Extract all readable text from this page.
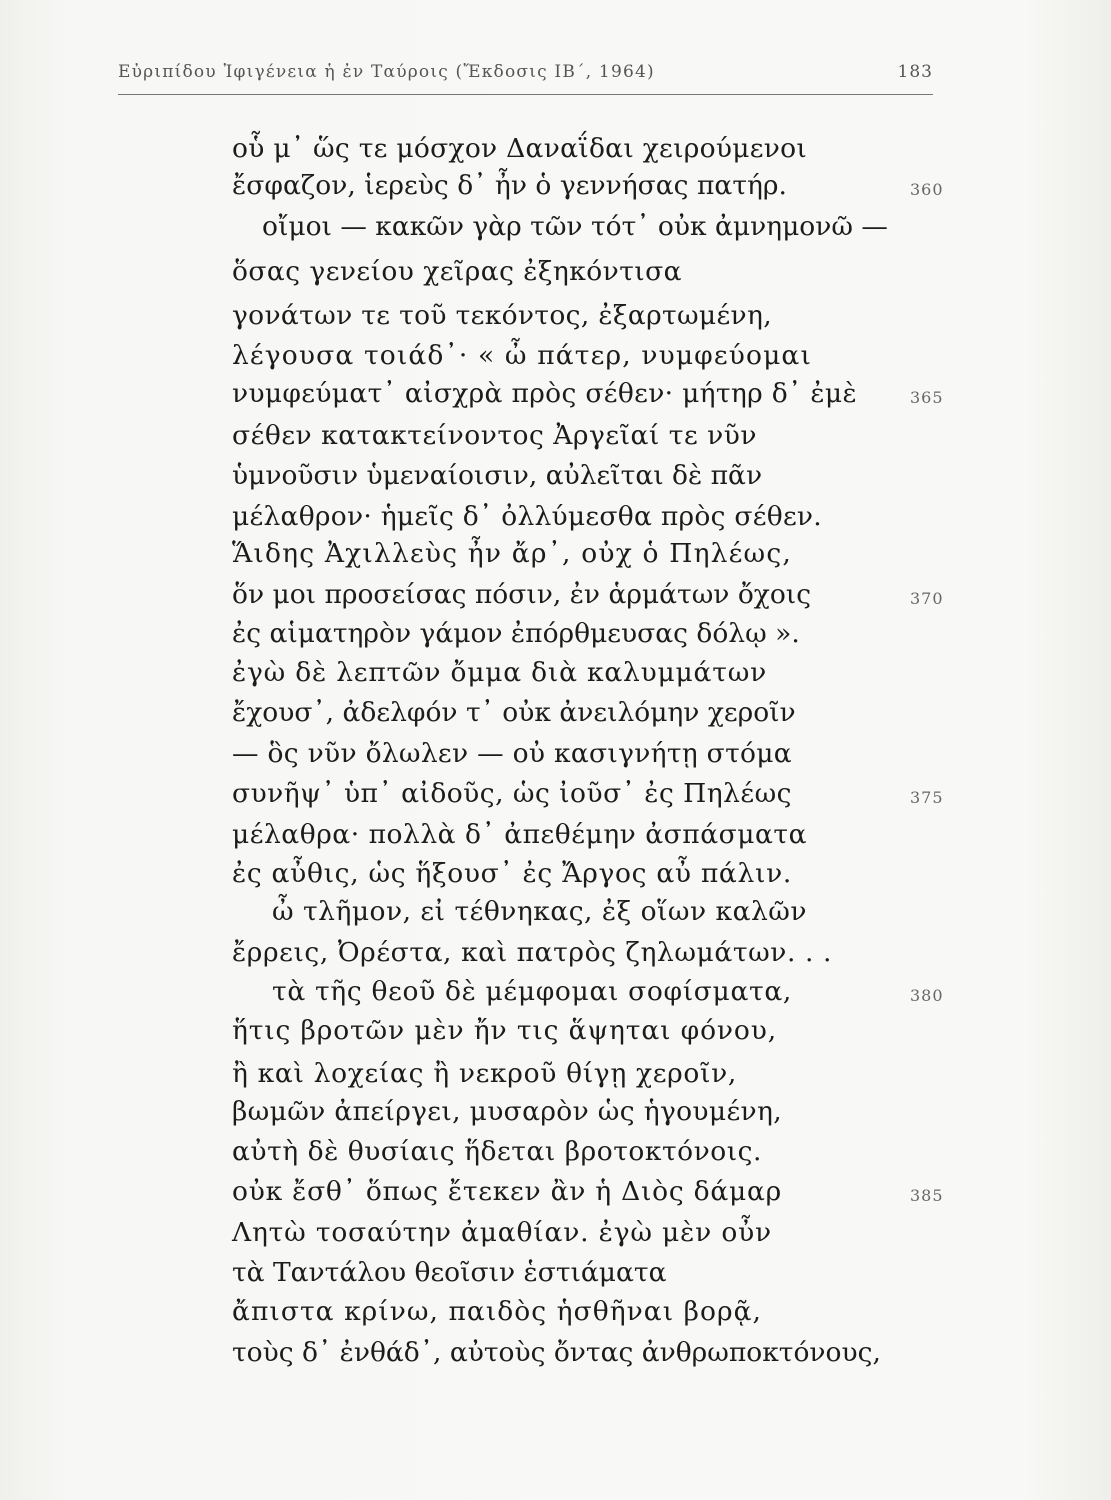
Εὐριπίδου Ἰφιγένεια ἡ ἐν Ταύροις (Ἔκδοσις ΙΒ΄, 1964)	183
οὗ μ᾽ ὥς τε μόσχον Δαναΐδαι χειρούμενοι
ἔσφαζον, ἱερεὺς δ᾽ ἦν ὁ γεννήσας πατήρ.	360
οἴμοι — κακῶν γὰρ τῶν τότ᾽ οὐκ ἀμνημονῶ —
ὅσας γενείου χεῖρας ἐξηκόντισα
γονάτων τε τοῦ τεκόντος, ἐξαρτωμένη,
λέγουσα τοιάδ᾽· « ὦ πάτερ, νυμφεύομαι
νυμφεύματ᾽ αἰσχρὰ πρὸς σέθεν· μήτηρ δ᾽ ἐμὲ	365
σέθεν κατακτείνοντος Ἀργεῖαί τε νῦν
ὑμνοῦσιν ὑμεναίοισιν, αὐλεῖται δὲ πᾶν
μέλαθρον· ἡμεῖς δ᾽ ὀλλύμεσθα πρὸς σέθεν.
Ἅιδης Ἀχιλλεὺς ἦν ἄρ᾽, οὐχ ὁ Πηλέως,
ὅν μοι προσείσας πόσιν, ἐν ἁρμάτων ὄχοις	370
ἐς αἱματηρὸν γάμον ἐπόρθμευσας δόλῳ ».
ἐγὼ δὲ λεπτῶν ὄμμα διὰ καλυμμάτων
ἔχουσ᾽, ἀδελφόν τ᾽ οὐκ ἀνειλόμην χεροῖν
— ὃς νῦν ὄλωλεν — οὐ κασιγνήτῃ στόμα
συνῆψ᾽ ὑπ᾽ αἰδοῦς, ὡς ἰοῦσ᾽ ἐς Πηλέως	375
μέλαθρα· πολλὰ δ᾽ ἀπεθέμην ἀσπάσματα
ἐς αὖθις, ὡς ἥξουσ᾽ ἐς Ἄργος αὖ πάλιν.
ὦ τλῆμον, εἰ τέθνηκας, ἐξ οἵων καλῶν
ἔρρεις, Ὀρέστα, καὶ πατρὸς ζηλωμάτων. . .
τὰ τῆς θεοῦ δὲ μέμφομαι σοφίσματα,	380
ἥτις βροτῶν μὲν ἤν τις ἅψηται φόνου,
ἢ καὶ λοχείας ἢ νεκροῦ θίγῃ χεροῖν,
βωμῶν ἀπείργει, μυσαρὸν ὡς ἡγουμένη,
αὐτὴ δὲ θυσίαις ἥδεται βροτοκτόνοις.
οὐκ ἔσθ᾽ ὅπως ἔτεκεν ἂν ἡ Διὸς δάμαρ	385
Λητὼ τοσαύτην ἀμαθίαν. ἐγὼ μὲν οὖν
τὰ Ταντάλου θεοῖσιν ἑστιάματα
ἄπιστα κρίνω, παιδὸς ἡσθῆναι βορᾷ,
τοὺς δ᾽ ἐνθάδ᾽, αὐτοὺς ὄντας ἀνθρωποκτόνους,
